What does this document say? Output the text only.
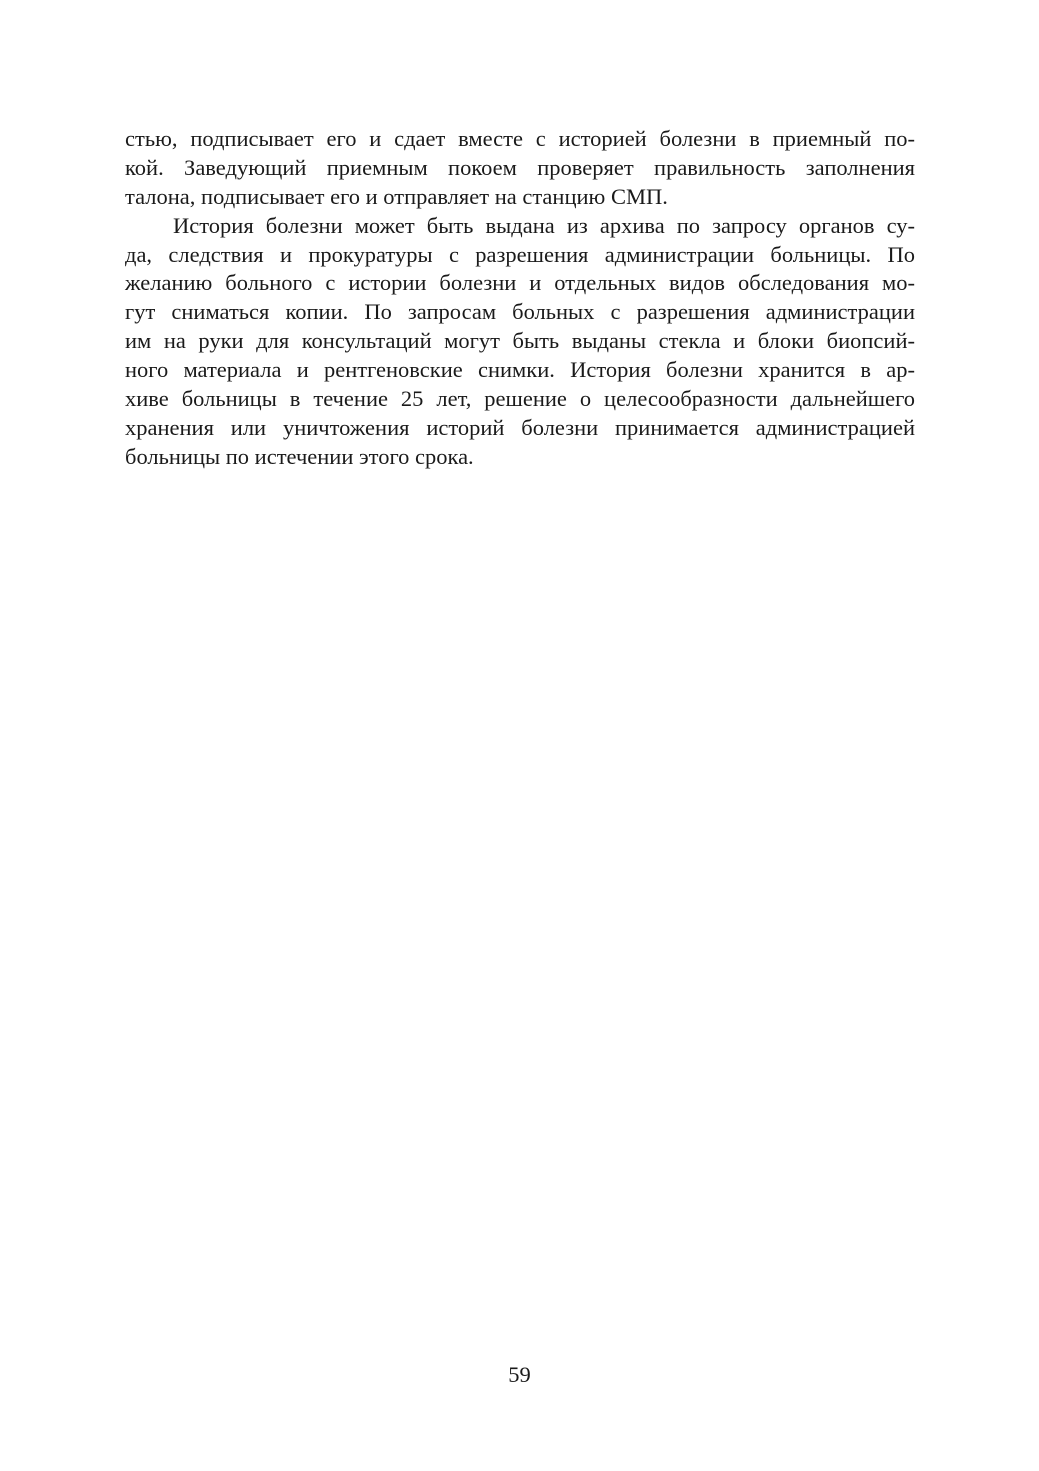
стью, подписывает его и сдает вместе с историей болезни в приемный по-
кой. Заведующий приемным покоем проверяет правильность заполнения
талона, подписывает его и отправляет на станцию СМП.
История болезни может быть выдана из архива по запросу органов су-
да, следствия и прокуратуры с разрешения администрации больницы. По
желанию больного с истории болезни и отдельных видов обследования мо-
гут сниматься копии. По запросам больных с разрешения администрации
им на руки для консультаций могут быть выданы стекла и блоки биопсий-
ного материала и рентгеновские снимки. История болезни хранится в ар-
хиве больницы в течение 25 лет, решение о целесообразности дальнейшего
хранения или уничтожения историй болезни принимается администрацией
больницы по истечении этого срока.
59
